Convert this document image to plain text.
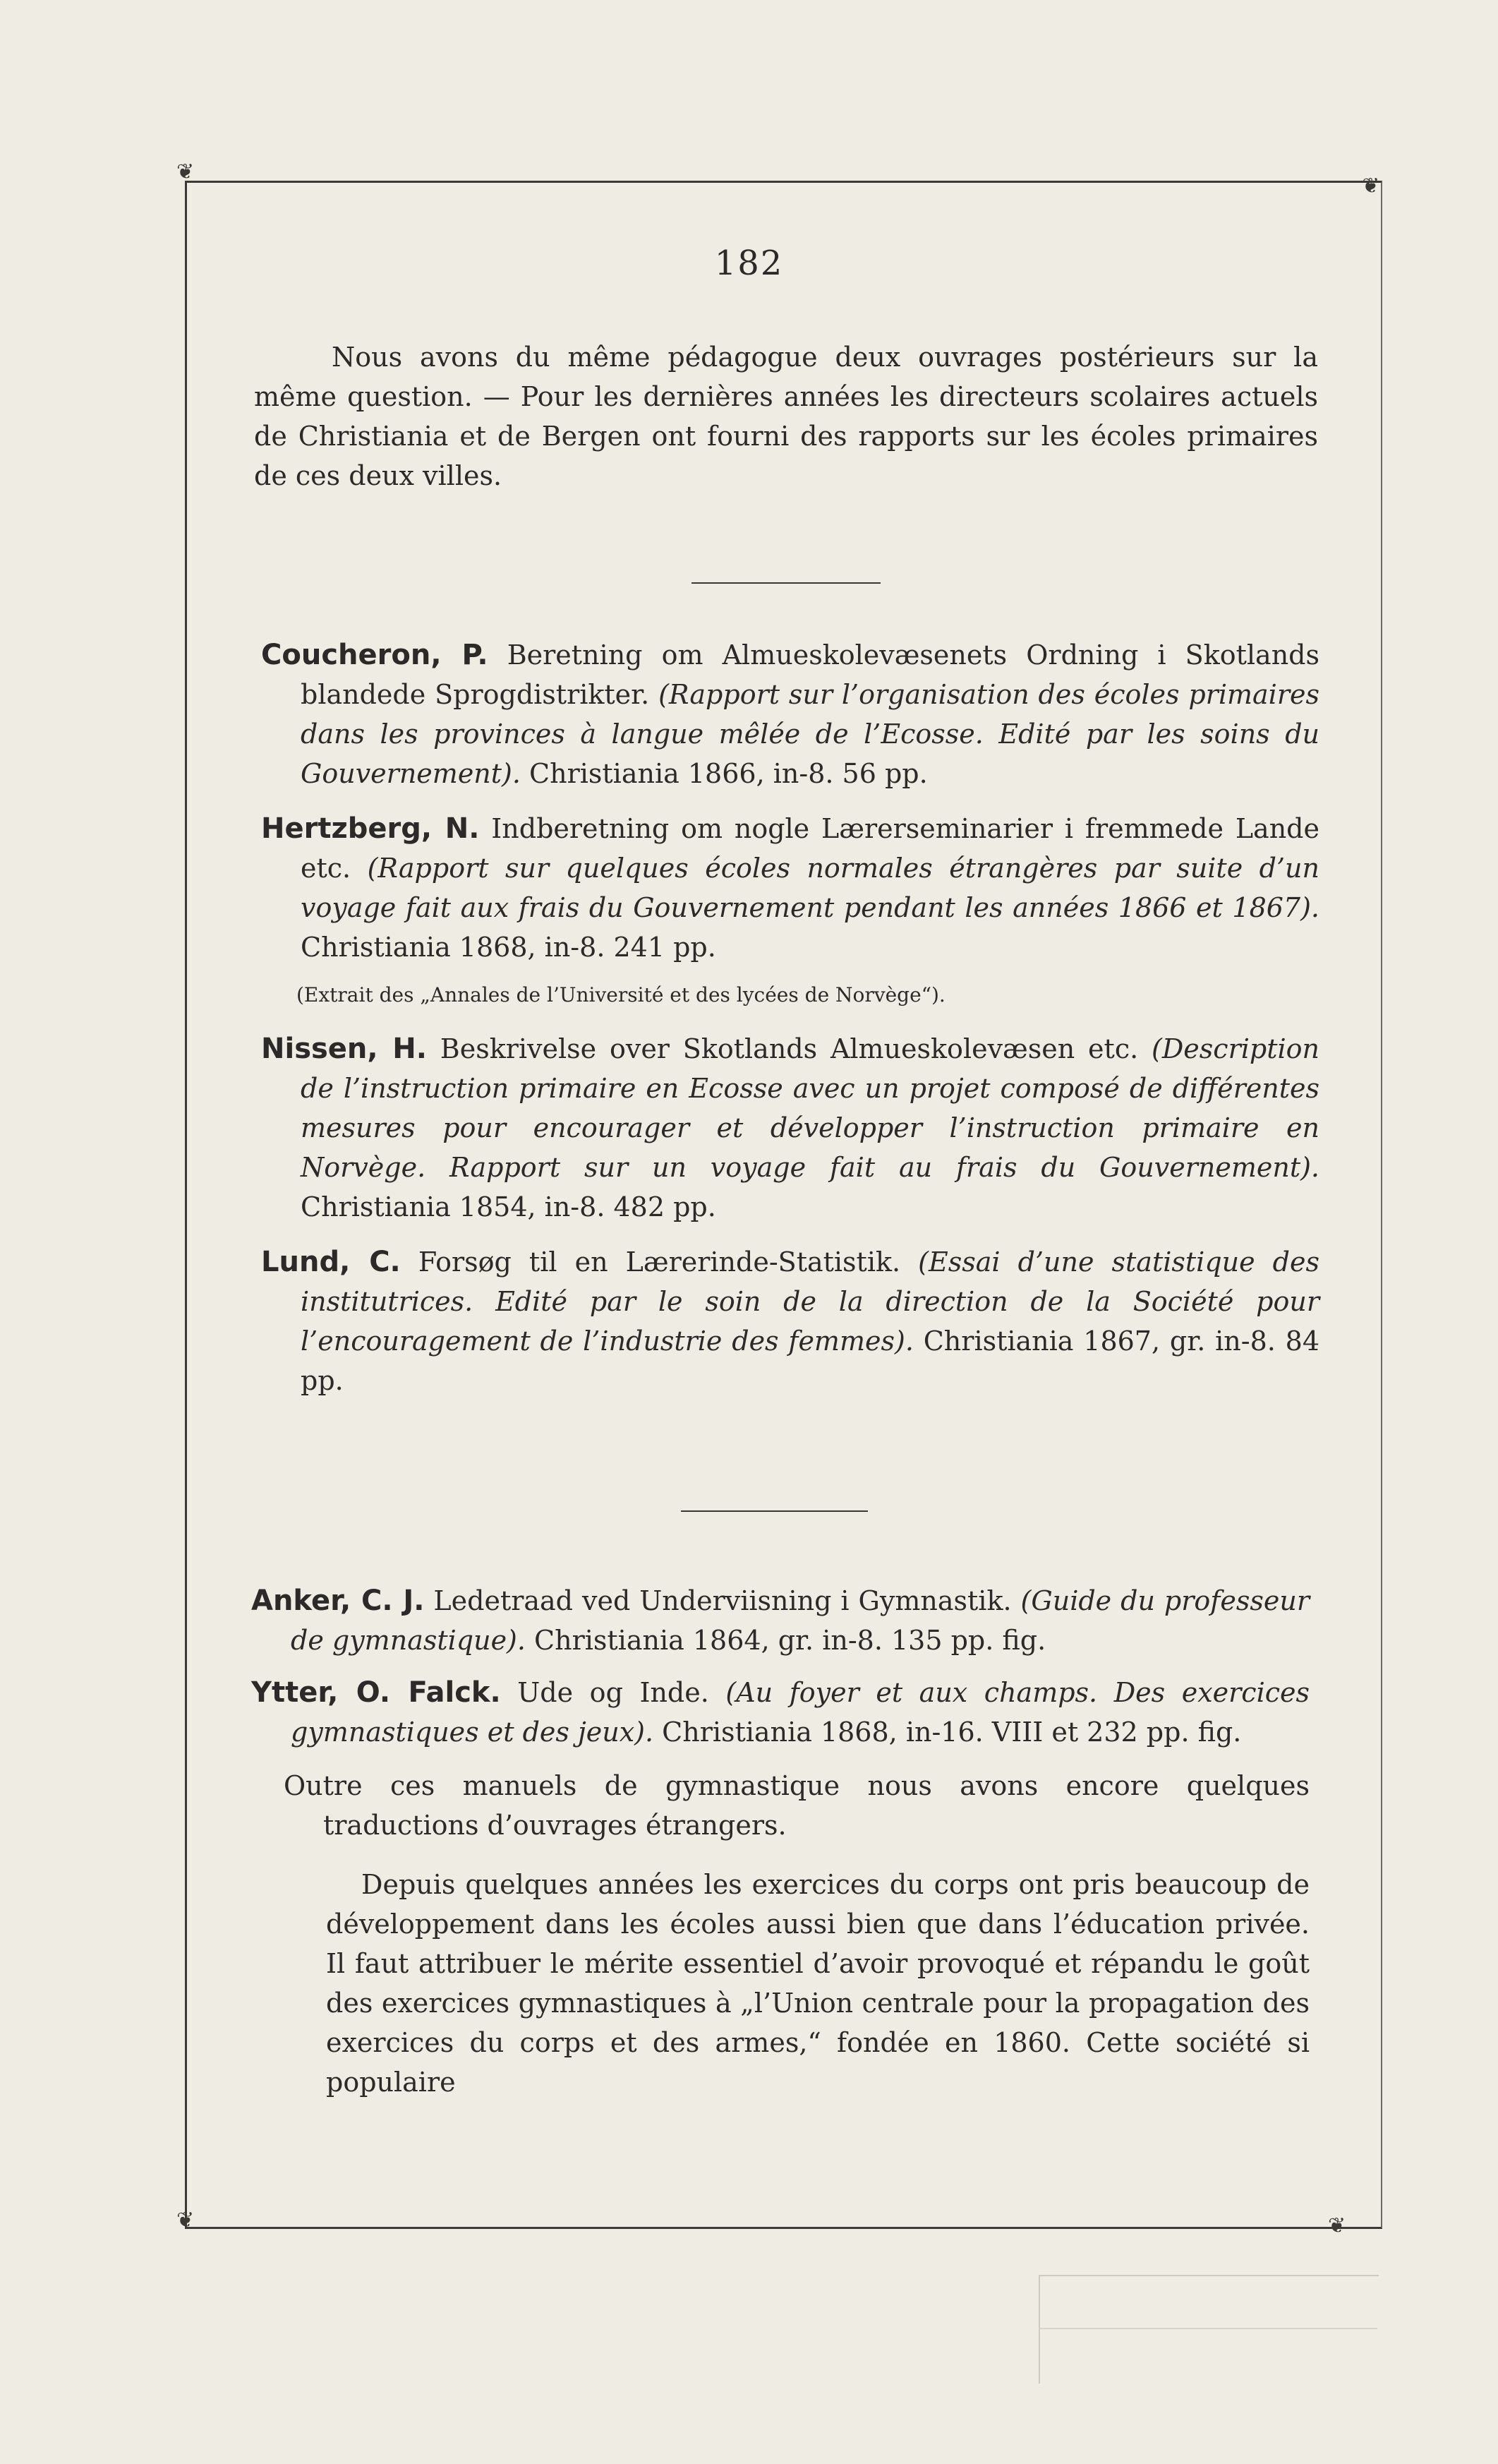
❦
❦
❦	❦
182
Nous avons du même pédagogue deux ouvrages postérieurs sur la même question. — Pour les dernières années les directeurs scolaires actuels de Christiania et de Bergen ont fourni des rapports sur les écoles primaires de ces deux villes.
Coucheron, P. Beretning om Almueskolevæsenets Ordning i Skotlands blandede Sprogdistrikter. (Rapport sur l’organisation des écoles primaires dans les provinces à langue mêlée de l’Ecosse. Edité par les soins du Gouvernement). Christiania 1866, in-8. 56 pp.
Hertzberg, N. Indberetning om nogle Lærerseminarier i fremmede Lande etc. (Rapport sur quelques écoles normales étrangères par suite d’un voyage fait aux frais du Gouvernement pendant les années 1866 et 1867). Christiania 1868, in-8. 241 pp.
(Extrait des „Annales de l’Université et des lycées de Norvège“).
Nissen, H. Beskrivelse over Skotlands Almueskolevæsen etc. (Description de l’instruction primaire en Ecosse avec un projet composé de différentes mesures pour encourager et développer l’instruction primaire en Norvège. Rapport sur un voyage fait au frais du Gouvernement). Christiania 1854, in-8. 482 pp.
Lund, C. Forsøg til en Lærerinde-Statistik. (Essai d’une statistique des institutrices. Edité par le soin de la direction de la Société pour l’encouragement de l’industrie des femmes). Christiania 1867, gr. in-8. 84 pp.
Anker, C. J. Ledetraad ved Underviisning i Gymnastik. (Guide du professeur de gymnastique). Christiania 1864, gr. in-8. 135 pp. fig.
Ytter, O. Falck. Ude og Inde. (Au foyer et aux champs. Des exercices gymnastiques et des jeux). Christiania 1868, in-16. VIII et 232 pp. fig.
Outre ces manuels de gymnastique nous avons encore quelques traductions d’ouvrages étrangers.
Depuis quelques années les exercices du corps ont pris beaucoup de développement dans les écoles aussi bien que dans l’éducation privée. Il faut attribuer le mérite essentiel d’avoir provoqué et répandu le goût des exercices gymnastiques à „l’Union centrale pour la propagation des exercices du corps et des armes,“ fondée en 1860. Cette société si populaire
